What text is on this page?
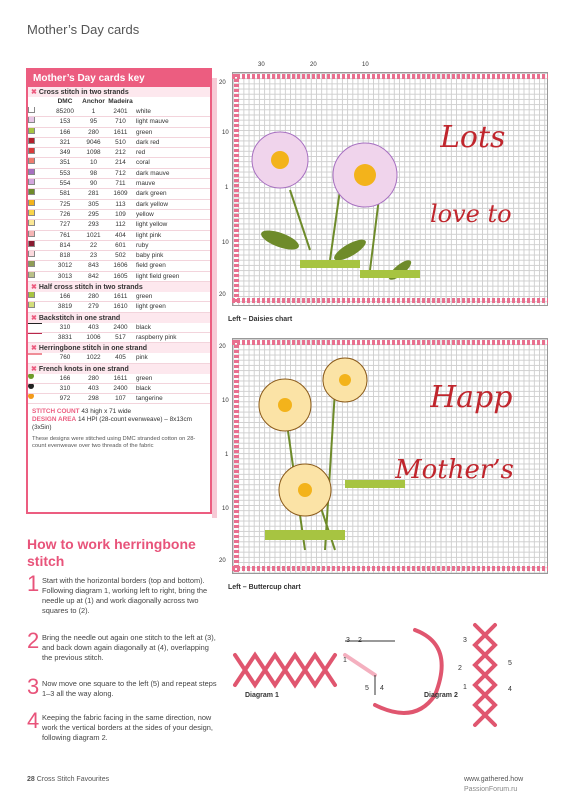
Mother’s Day cards
Mother’s Day cards key
✖ Cross stitch in two strands
DMC	Anchor Madeira
85200	1	2401	white
153	95	710	light mauve
166	280	1611	green
321	9046	510	dark red
349	1098	212	red
351	10	214	coral
553	98	712	dark mauve
554	90	711	mauve
581	281	1609	dark green
725	305	113	dark yellow
726	295	109	yellow
727	293	112	light yellow
761	1021	404	light pink
814	22	601	ruby
818	23	502	baby pink
3012	843	1606	field green
3013	842	1605	light field green
✖ Half cross stitch in two strands
166	280	1611	green
3819	279	1610	light green
✖ Backstitch in one strand
310	403	2400	black
3831	1006	517	raspberry pink
✖ Herringbone stitch in one strand
760	1022	405	pink
✖ French knots in one strand
166	280	1611	green
310	403	2400	black
972	298	107	tangerine
STITCH COUNT 43 high x 71 wide
DESIGN AREA 14 HPI (28-count evenweave) – 8x13cm (3x5in)
These designs were stitched using DMC stranded cotton on 28-count evenweave over two threads of the fabric
Lots
love to
Left – Daisies chart
30	20	10
20
10
1
10
20
Happ
Mother’s
Left – Buttercup chart
20
10
1
10
20
How to work herringbone stitch
1 Start with the horizontal borders (top and bottom). Following diagram 1, working left to right, bring the needle up at (1) and work diagonally across two squares to (2).
2 Bring the needle out again one stitch to the left at (3), and back down again diagonally at (4), overlapping the previous stitch.
3 Now move one square to the left (5) and repeat steps 1–3 all the way along.
4 Keeping the fabric facing in the same direction, now work the vertical borders at the sides of your design, following diagram 2.
3 2
1
5 4
3
2
5
1	4
Diagram 1	Diagram 2
28 Cross Stitch Favourites	www.gathered.how
PassionForum.ru
